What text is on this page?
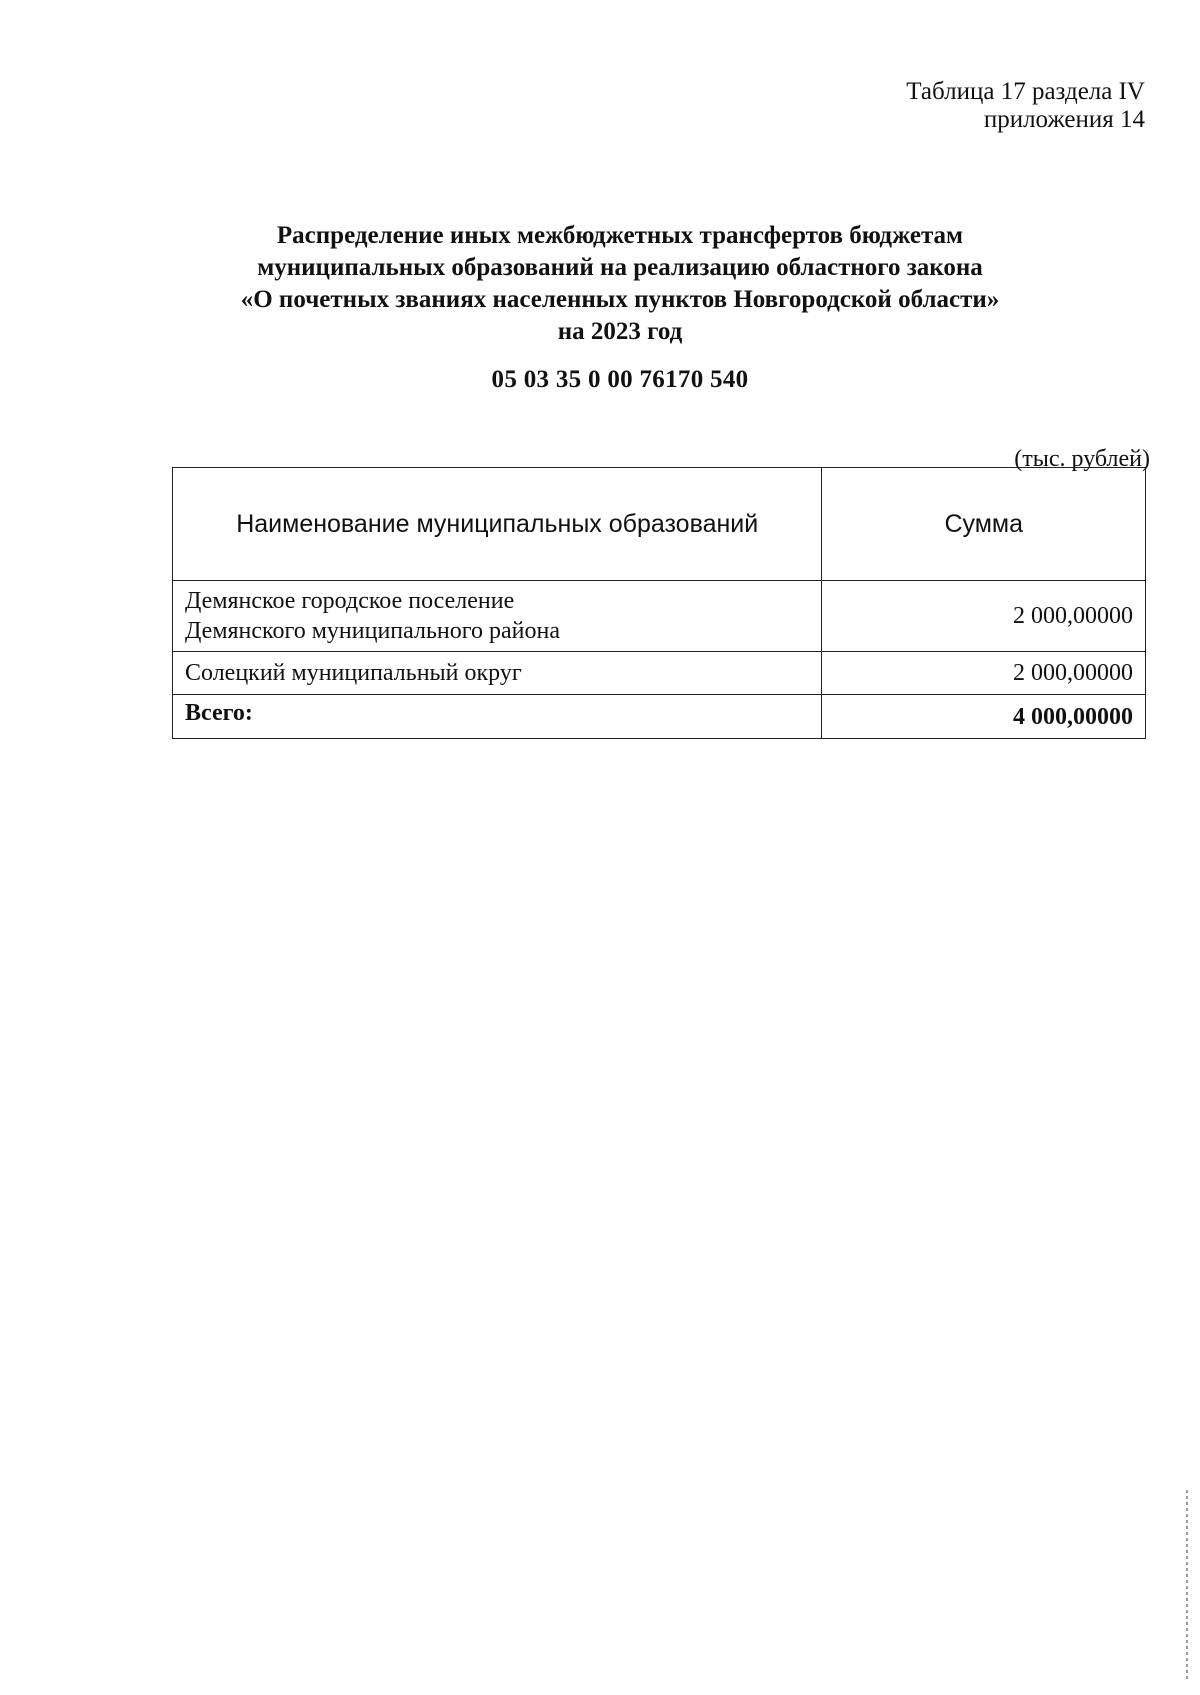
Таблица 17 раздела IV
приложения 14
Распределение иных межбюджетных трансфертов бюджетам
муниципальных образований на реализацию областного закона
«О почетных званиях населенных пунктов Новгородской области»
на 2023 год
05 03 35 0 00 76170 540
(тыс. рублей)
Наименование муниципальных образований	Сумма

Демянское городское поселение
Демянского муниципального района	2 000,00000

Солецкий муниципальный округ	2 000,00000
Всего:	4 000,00000
